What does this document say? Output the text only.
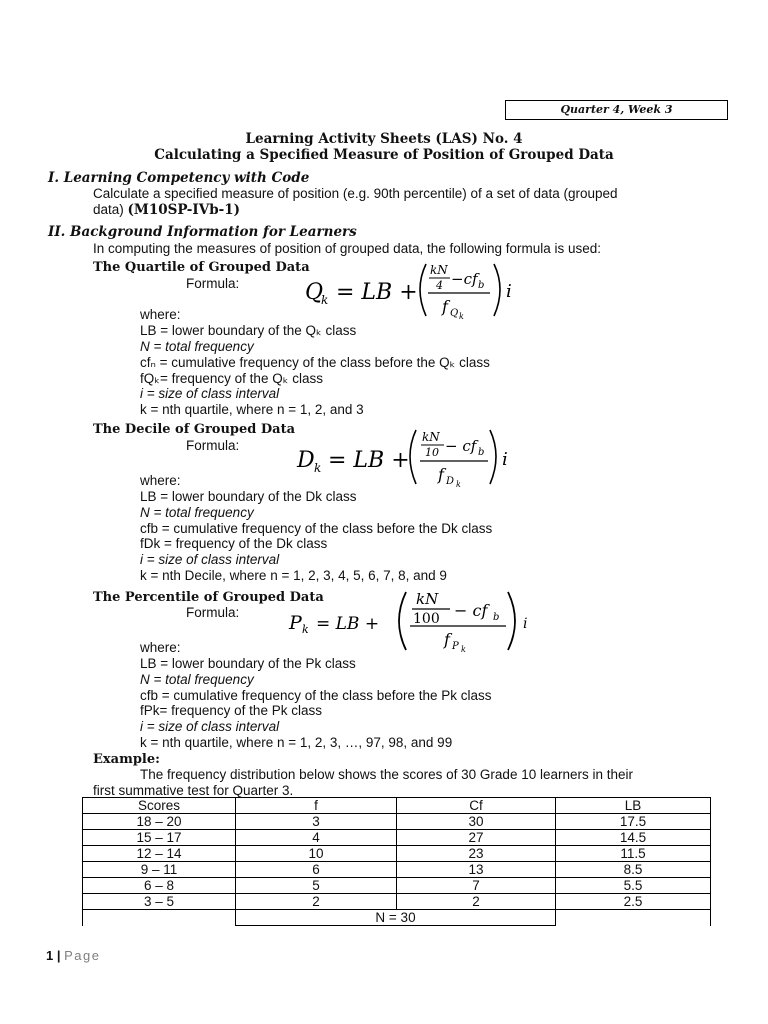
Quarter 4, Week 3
Learning Activity Sheets (LAS) No. 4
Calculating a Specified Measure of Position of Grouped Data
I. Learning Competency with Code
Calculate a specified measure of position (e.g. 90th percentile) of a set of data (grouped
data) (M10SP-IVb-1)
II. Background Information for Learners
In computing the measures of position of grouped data, the following formula is used:
The Quartile of Grouped Data
Formula:	Q
k = LB +
kN
4 −cf b
f Q k
i
where:
LB = lower boundary of the Qₖ class
N = total frequency
cfₙ = cumulative frequency of the class before the Qₖ class
fQₖ= frequency of the Qₖ class
i = size of class interval
k = nth quartile, where n = 1, 2, and 3
The Decile of Grouped Data
Formula:
D k = LB +
kN
10 − cf b
f D k
i
where:
LB = lower boundary of the Dk class
N = total frequency
cfb = cumulative frequency of the class before the Dk class
fDk = frequency of the Dk class
i = size of class interval
k = nth Decile, where n = 1, 2, 3, 4, 5, 6, 7, 8, and 9
The Percentile of Grouped Data
Formula:	P k = LB +
kN
100 − cf b
f P k
i
where:
LB = lower boundary of the Pk class
N = total frequency
cfb = cumulative frequency of the class before the Pk class
fPk= frequency of the Pk class
i = size of class interval
k = nth quartile, where n = 1, 2, 3, …, 97, 98, and 99
Example:
The frequency distribution below shows the scores of 30 Grade 10 learners in their
first summative test for Quarter 3.
Scores	f	Cf	LB
18 – 20	3	30	17.5
15 – 17	4	27	14.5
12 – 14	10	23	11.5
9 – 11	6	13	8.5
6 – 8	5	7	5.5
3 – 5	2	2	2.5
	N = 30		
1 | Page
